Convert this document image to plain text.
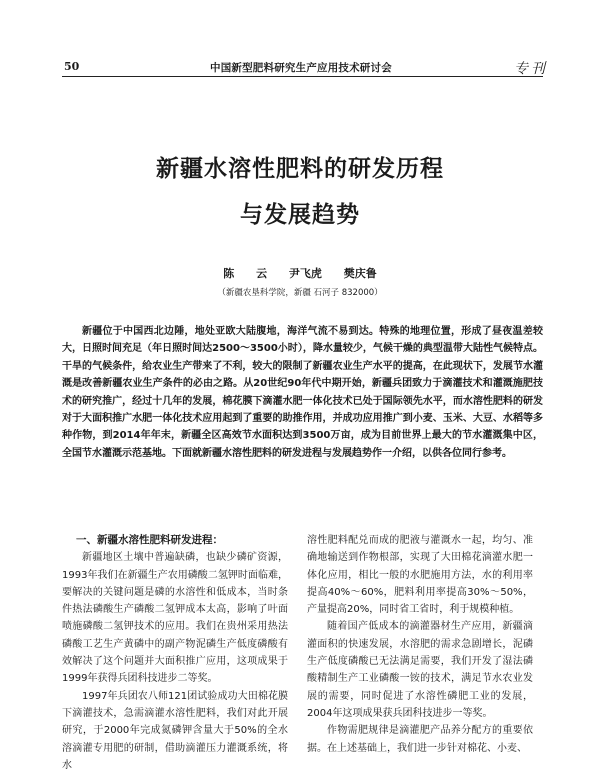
50	中国新型肥料研究生产应用技术研讨会	专刊
新疆水溶性肥料的研发历程
与发展趋势
陈 云 尹飞虎 樊庆鲁
（新疆农垦科学院，新疆 石河子 832000）

新疆位于中国西北边陲，地处亚欧大陆腹地，海洋气流不易到达。特殊的地理位置，形成了昼夜温差较大，日照时间充足（年日照时间达2500～3500小时），降水量较少，气候干燥的典型温带大陆性气候特点。干旱的气候条件，给农业生产带来了不利，较大的限制了新疆农业生产水平的提高，在此现状下，发展节水灌溉是改善新疆农业生产条件的必由之路。从20世纪90年代中期开始，新疆兵团致力于滴灌技术和灌溉施肥技术的研究推广，经过十几年的发展，棉花膜下滴灌水肥一体化技术已处于国际领先水平，而水溶性肥料的研发对于大面积推广水肥一体化技术应用起到了重要的助推作用，并成功应用推广到小麦、玉米、大豆、水稻等多种作物，到2014年年末，新疆全区高效节水面积达到3500万亩，成为目前世界上最大的节水灌溉集中区，全国节水灌溉示范基地。下面就新疆水溶性肥料的研发进程与发展趋势作一介绍，以供各位同行参考。

一、新疆水溶性肥料研发进程：

新疆地区土壤中普遍缺磷，也缺少磷矿资源，1993年我们在新疆生产农用磷酸二氢钾时面临难，要解决的关键问题是磷的水溶性和低成本，当时条件热法磷酸生产磷酸二氢钾成本太高，影响了叶面喷施磷酸二氢钾技术的应用。我们在贵州采用热法磷酸工艺生产黄磷中的副产物泥磷生产低度磷酸有效解决了这个问题并大面积推广应用，这项成果于1999年获得兵团科技进步二等奖。

1997年兵团农八师121团试验成功大田棉花膜下滴灌技术，急需滴灌水溶性肥料，我们对此开展研究，于2000年完成氮磷钾含量大于50%的全水溶滴灌专用肥的研制，借助滴灌压力灌溉系统，将水

溶性肥料配兑而成的肥液与灌溉水一起，均匀、准确地输送到作物根部，实现了大田棉花滴灌水肥一体化应用，相比一般的水肥施用方法，水的利用率提高40%～60%，肥料利用率提高30%～50%，产量提高20%，同时省工省时，利于规模种植。

随着国产低成本的滴灌器材生产应用，新疆滴灌面积的快速发展，水溶肥的需求急剧增长，泥磷生产低度磷酸已无法满足需要，我们开发了湿法磷酸精制生产工业磷酸一铵的技术，满足节水农业发展的需要，同时促进了水溶性磷肥工业的发展，2004年这项成果获兵团科技进步一等奖。

作物需肥规律是滴灌肥产品养分配方的重要依据。在上述基础上，我们进一步针对棉花、小麦、
